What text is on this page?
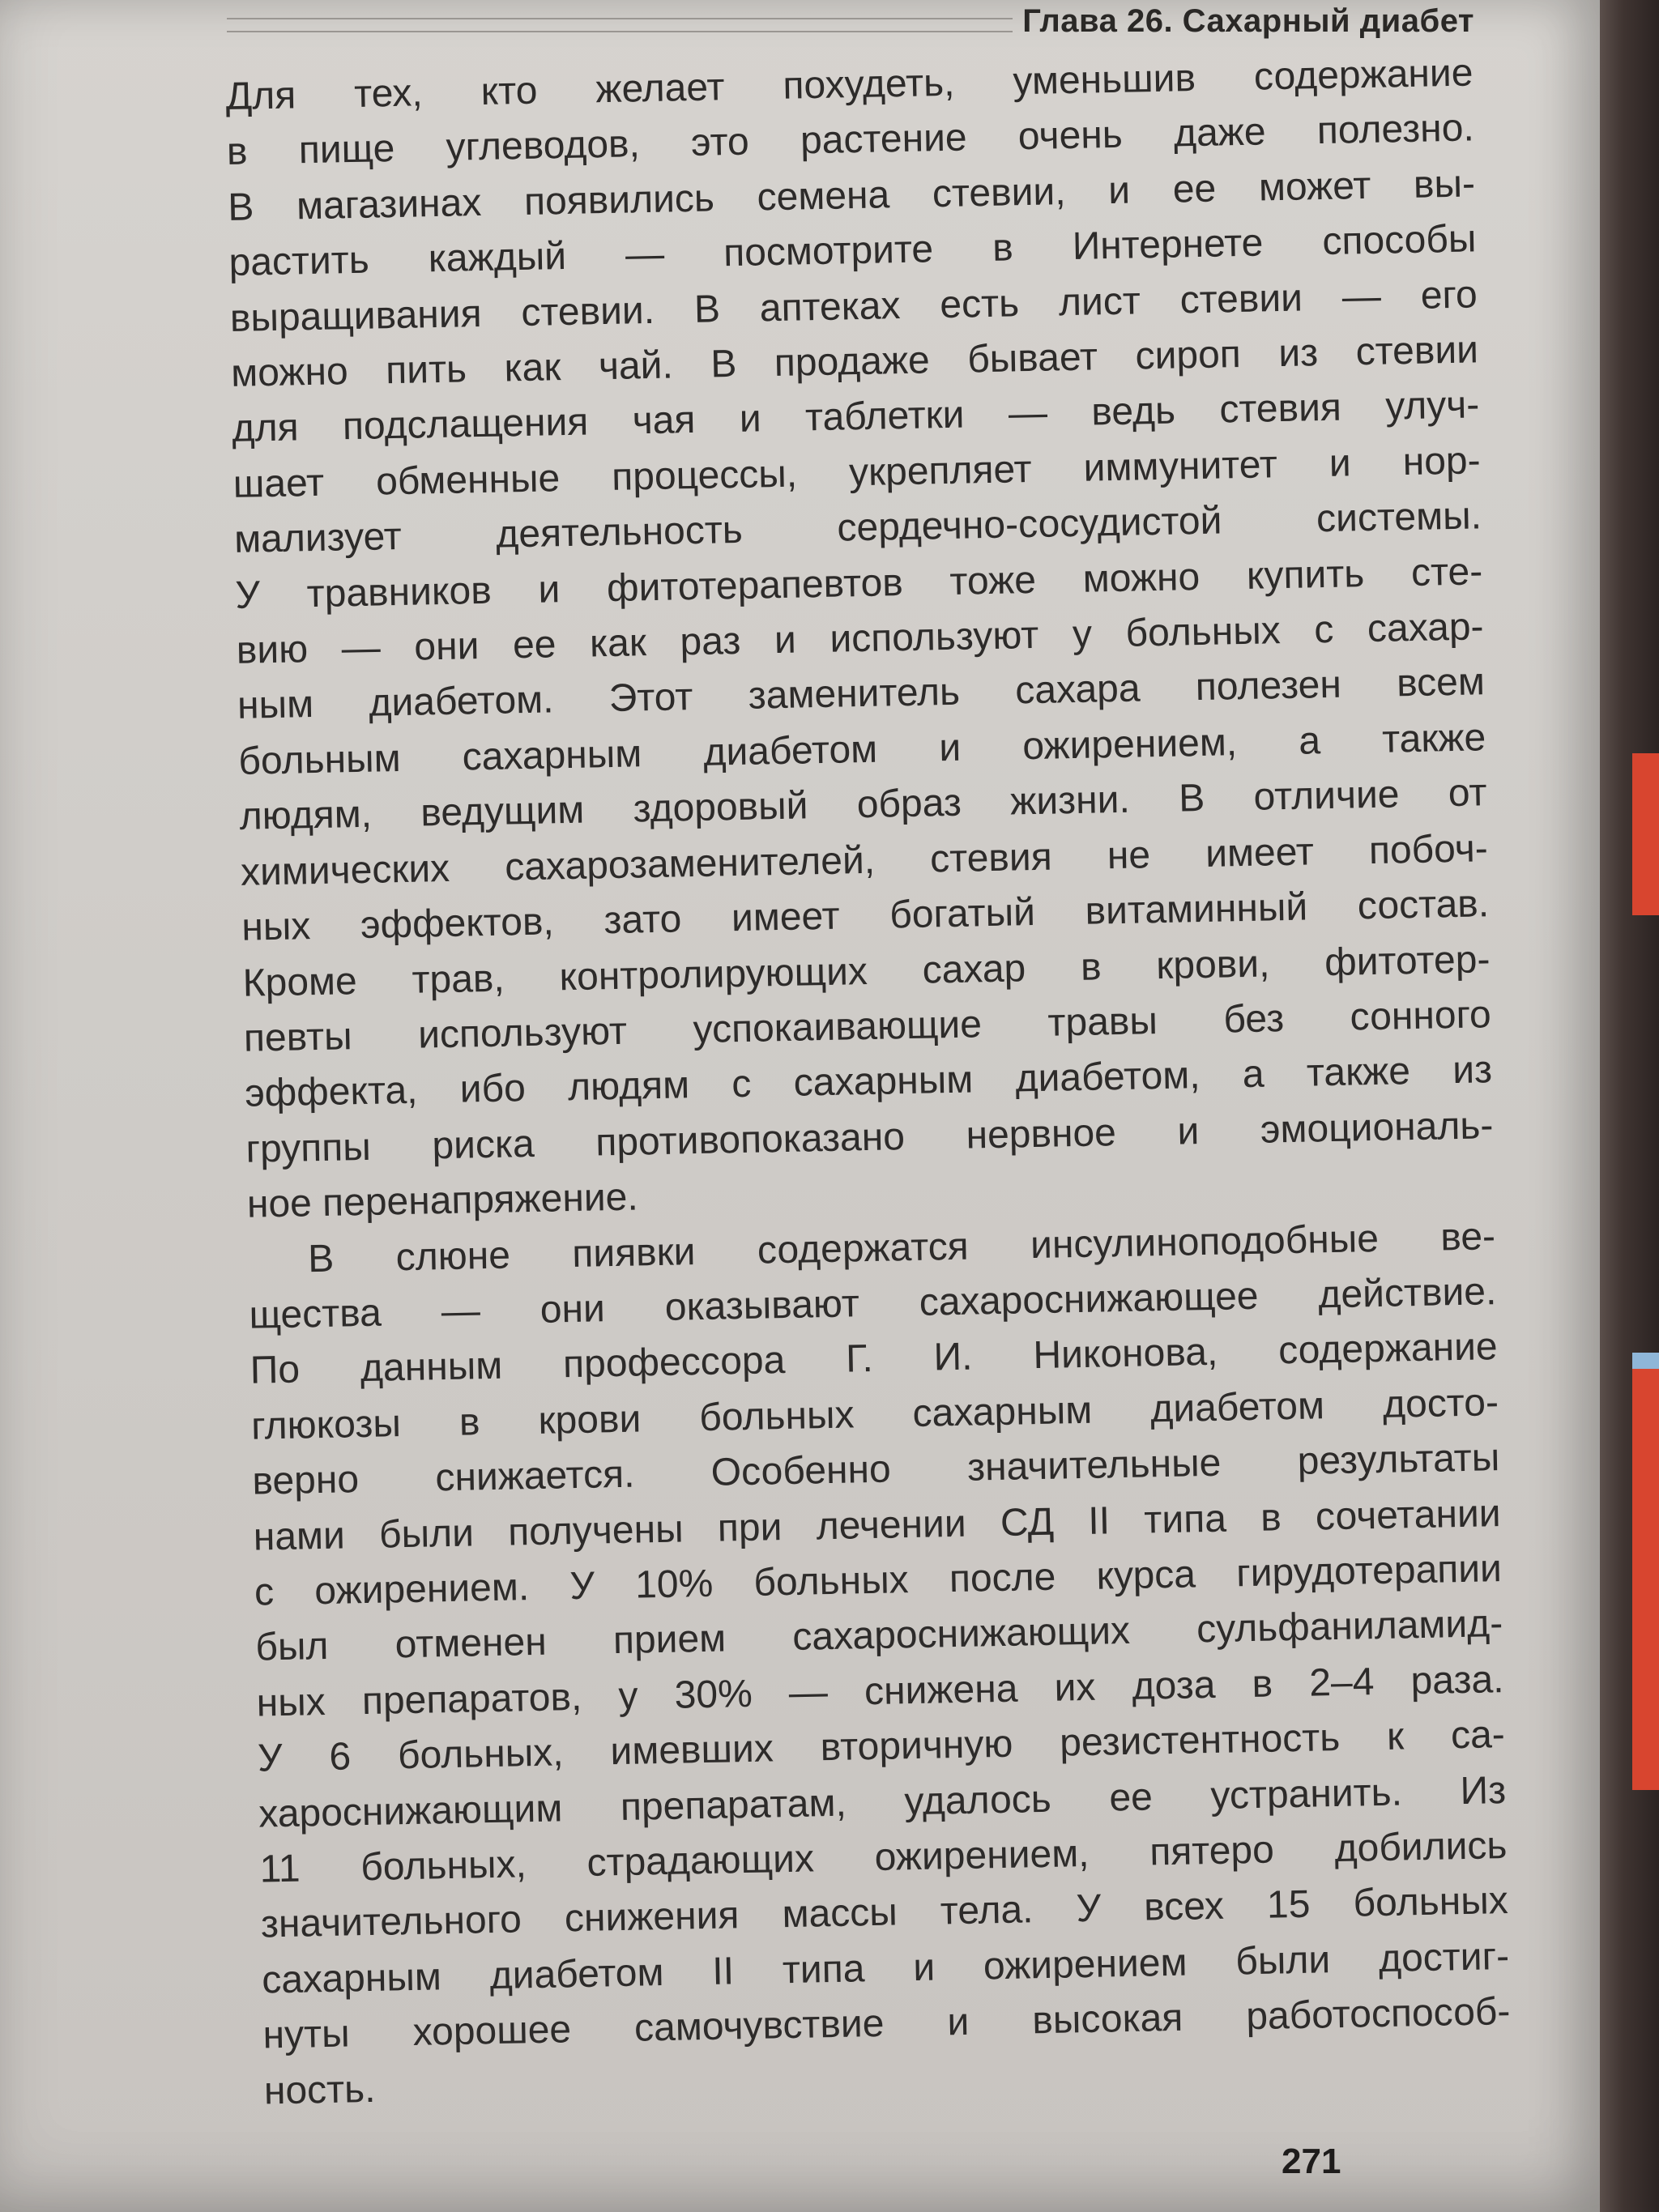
Глава 26. Сахарный диабет
Для тех, кто желает похудеть, уменьшив содержание
в пище углеводов, это растение очень даже полезно.
В магазинах появились семена стевии, и ее может вы-
растить каждый — посмотрите в Интернете способы
выращивания стевии. В аптеках есть лист стевии — его
можно пить как чай. В продаже бывает сироп из стевии
для подслащения чая и таблетки — ведь стевия улуч-
шает обменные процессы, укрепляет иммунитет и нор-
мализует деятельность сердечно-сосудистой системы.
У травников и фитотерапевтов тоже можно купить сте-
вию — они ее как раз и используют у больных с сахар-
ным диабетом. Этот заменитель сахара полезен всем
больным сахарным диабетом и ожирением, а также
людям, ведущим здоровый образ жизни. В отличие от
химических сахарозаменителей, стевия не имеет побоч-
ных эффектов, зато имеет богатый витаминный состав.
Кроме трав, контролирующих сахар в крови, фитотер-
певты используют успокаивающие травы без сонного
эффекта, ибо людям с сахарным диабетом, а также из
группы риска противопоказано нервное и эмоциональ-
ное перенапряжение.
В слюне пиявки содержатся инсулиноподобные ве-
щества — они оказывают сахароснижающее действие.
По данным профессора Г. И. Никонова, содержание
глюкозы в крови больных сахарным диабетом досто-
верно снижается. Особенно значительные результаты
нами были получены при лечении СД II типа в сочетании
с ожирением. У 10% больных после курса гирудотерапии
был отменен прием сахароснижающих сульфаниламид-
ных препаратов, у 30% — снижена их доза в 2–4 раза.
У 6 больных, имевших вторичную резистентность к са-
хароснижающим препаратам, удалось ее устранить. Из
11 больных, страдающих ожирением, пятеро добились
значительного снижения массы тела. У всех 15 больных
сахарным диабетом II типа и ожирением были достиг-
нуты хорошее самочувствие и высокая работоспособ-
ность.
271
